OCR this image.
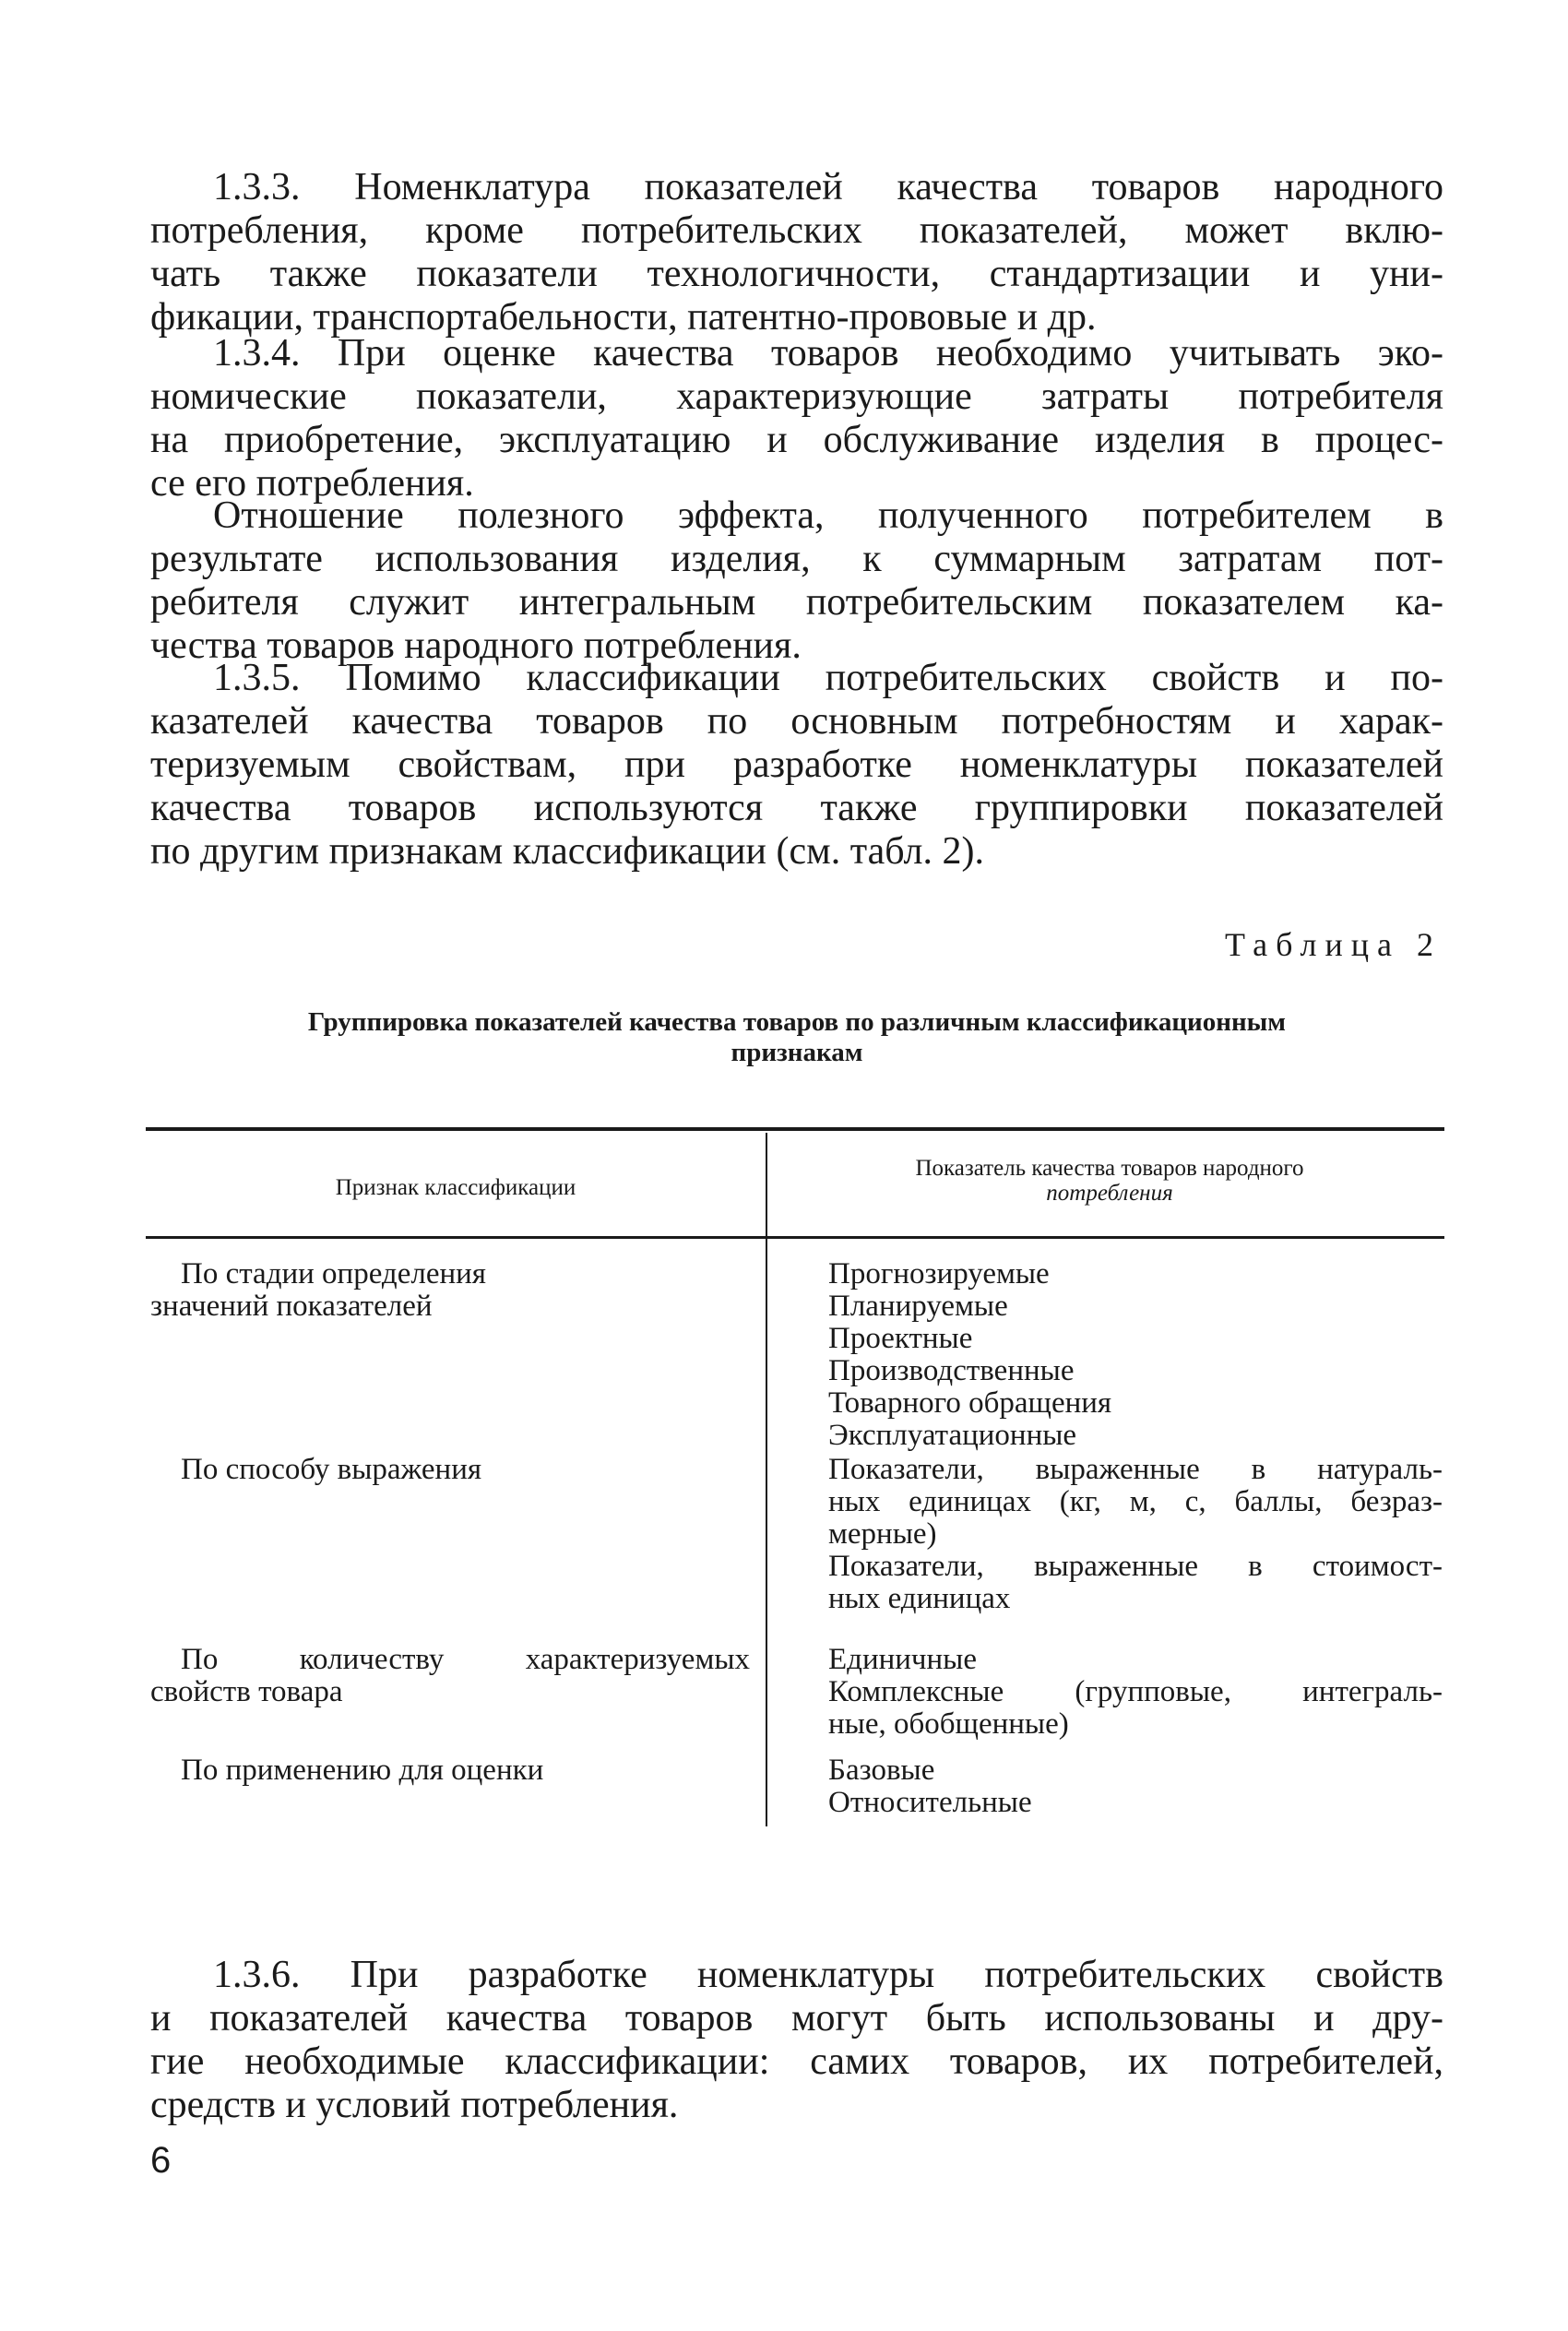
1.3.3. Номенклатура показателей качества товаров народного
потребления, кроме потребительских показателей, может вклю-
чать также показатели технологичности, стандартизации и уни-
фикации, транспортабельности, патентно-прововые и др.
1.3.4. При оценке качества товаров необходимо учитывать эко-
номические показатели, характеризующие затраты потребителя
на приобретение, эксплуатацию и обслуживание изделия в процес-
се его потребления.
Отношение полезного эффекта, полученного потребителем в
результате использования изделия, к суммарным затратам пот-
ребителя служит интегральным потребительским показателем ка-
чества товаров народного потребления.
1.3.5. Помимо классификации потребительских свойств и по-
казателей качества товаров по основным потребностям и харак-
теризуемым свойствам, при разработке номенклатуры показателей
качества товаров используются также группировки показателей
по другим признакам классификации (см. табл. 2).
Таблица 2
Группировка показателей качества товаров по различным классификационным
признакам
Признак классификации
Показатель качества товаров народного
потребления
По стадии определения
значений показателей
Прогнозируемые
Планируемые
Проектные
Производственные
Товарного обращения
Эксплуатационные
По способу выражения	Показатели, выраженные в натураль-
ных единицах (кг, м, с, баллы, безраз-
мерные)
Показатели, выраженные в стоимост-
ных единицах
По количеству характеризуемых
свойств товара
Единичные
Комплексные (групповые, интеграль-
ные, обобщенные)
По применению для оценки	Базовые
Относительные
1.3.6. При разработке номенклатуры потребительских свойств
и показателей качества товаров могут быть использованы и дру-
гие необходимые классификации: самих товаров, их потребителей,
средств и условий потребления.
6
